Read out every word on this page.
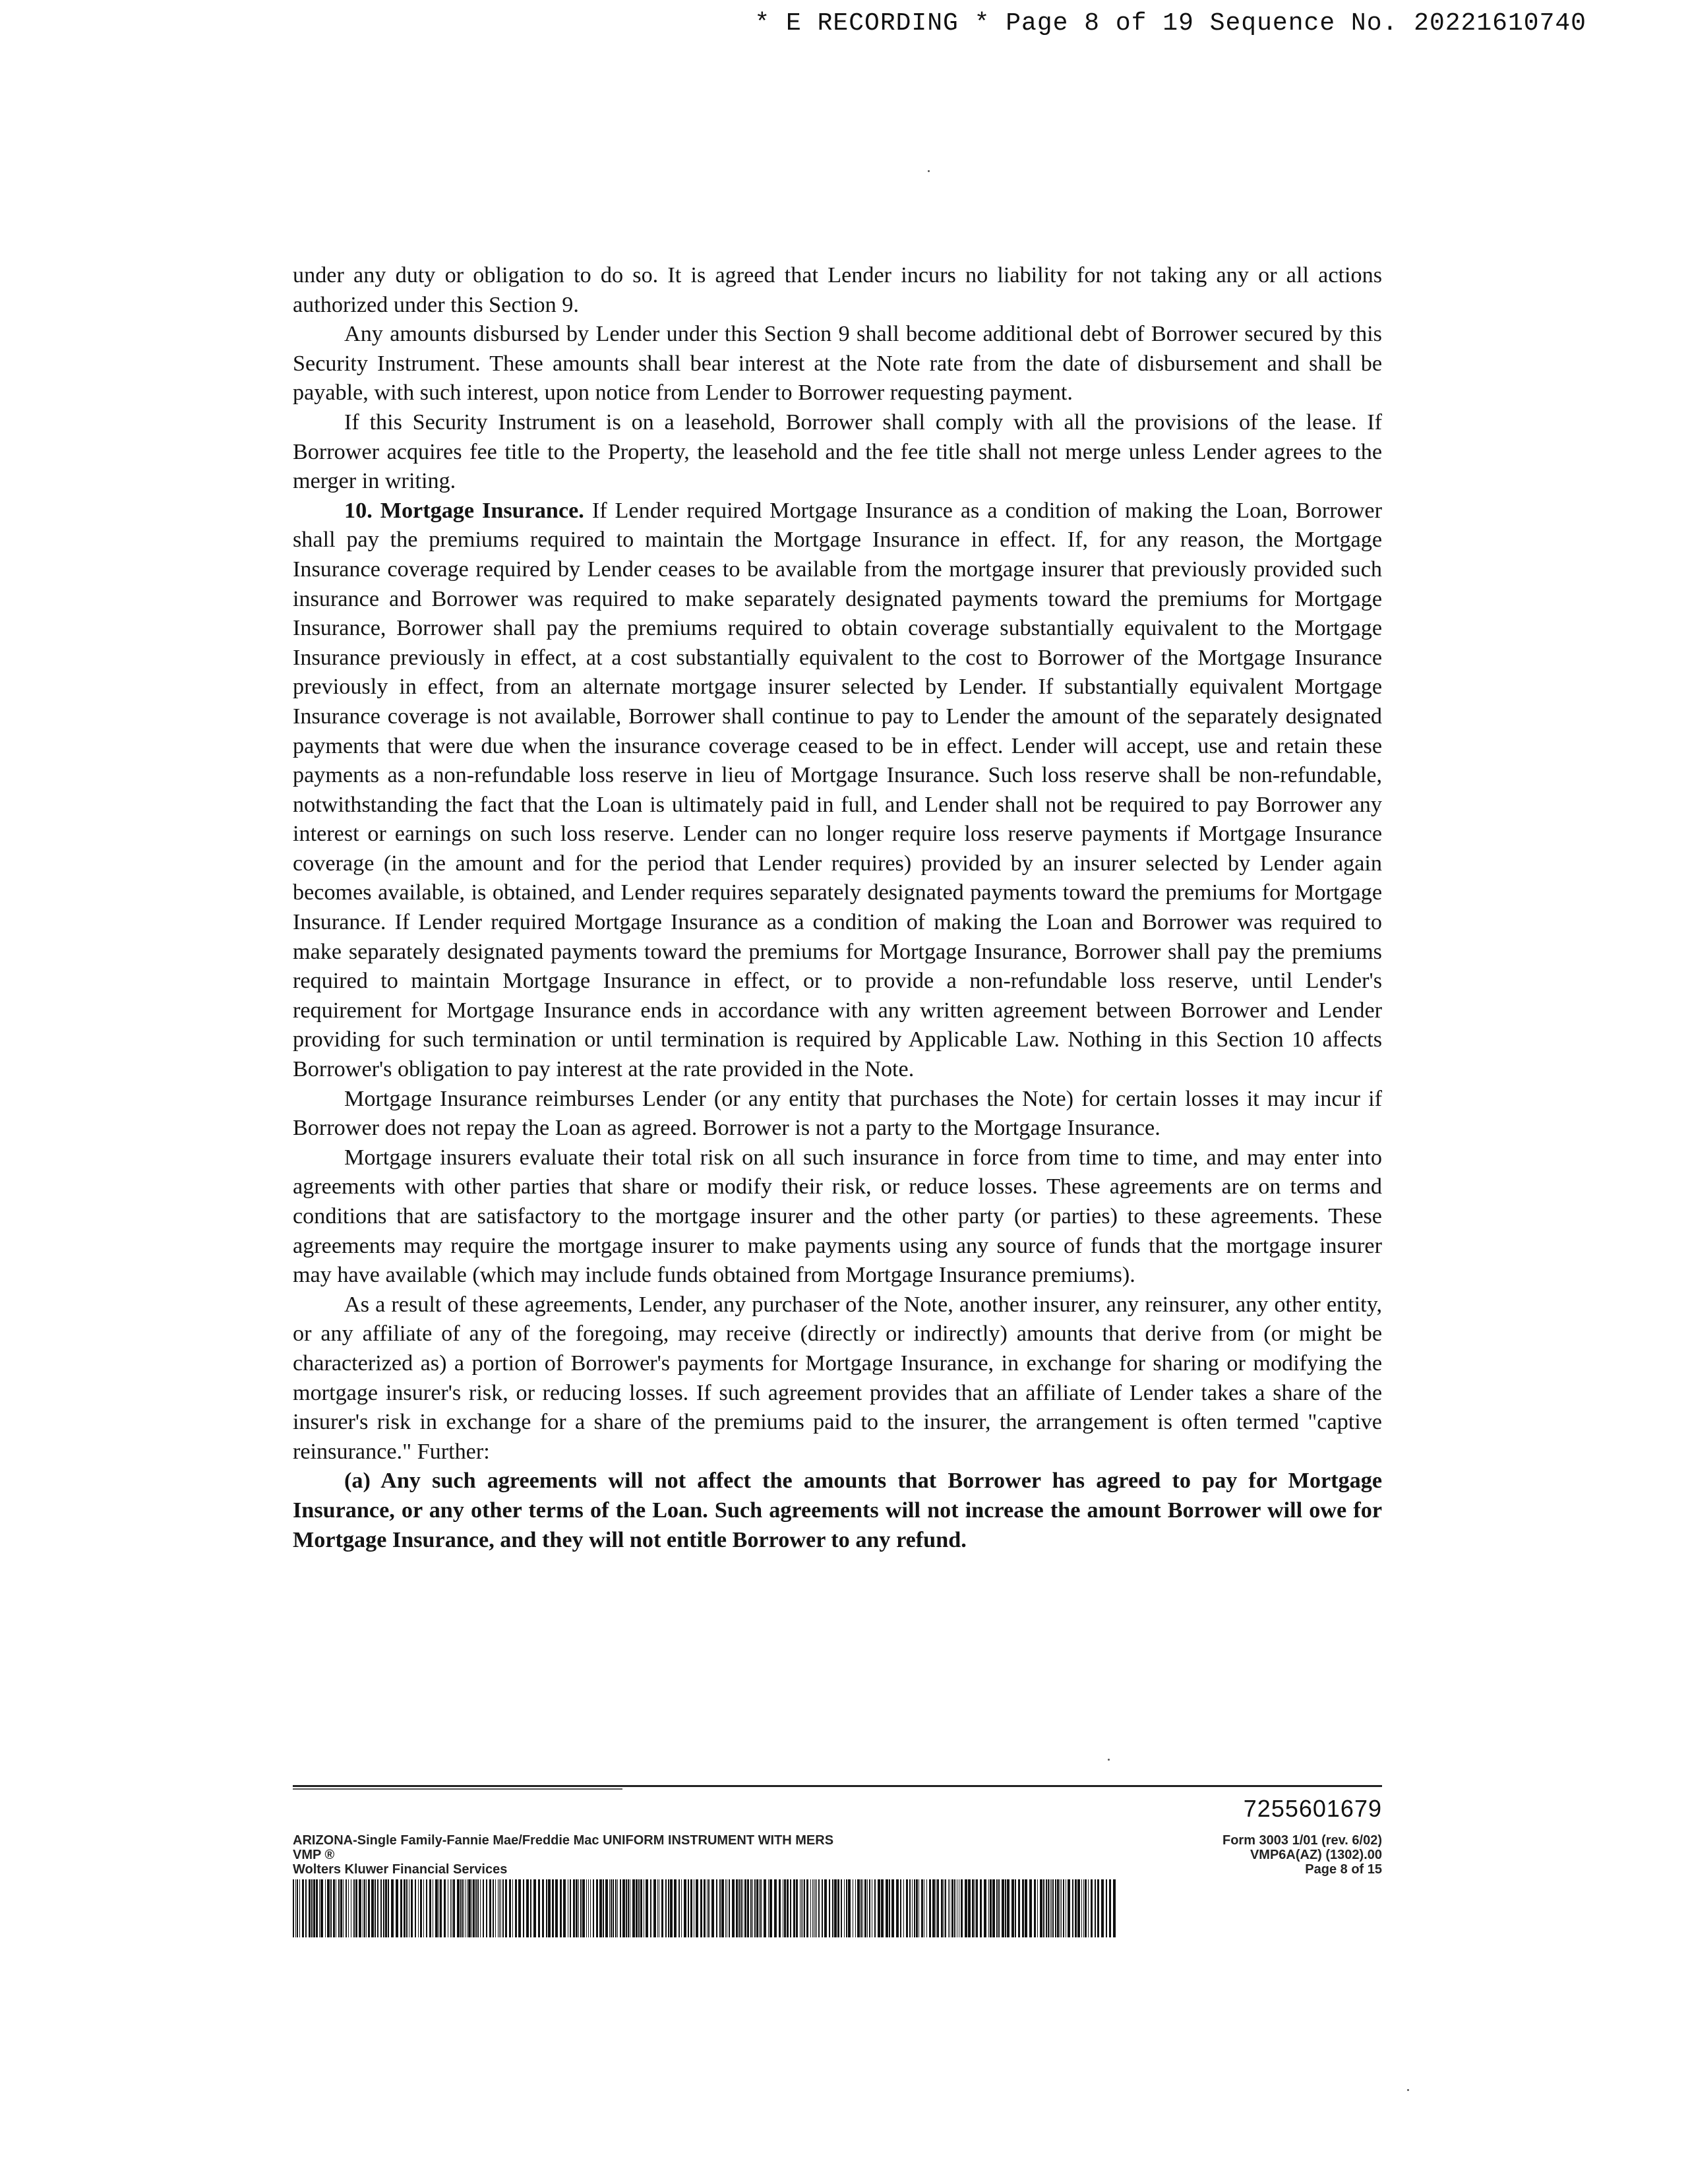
* E RECORDING * Page 8 of 19 Sequence No. 20221610740

under any duty or obligation to do so. It is agreed that Lender incurs no liability for not taking any or all actions authorized under this Section 9.

Any amounts disbursed by Lender under this Section 9 shall become additional debt of Borrower secured by this Security Instrument. These amounts shall bear interest at the Note rate from the date of disbursement and shall be payable, with such interest, upon notice from Lender to Borrower requesting payment.

If this Security Instrument is on a leasehold, Borrower shall comply with all the provisions of the lease. If Borrower acquires fee title to the Property, the leasehold and the fee title shall not merge unless Lender agrees to the merger in writing.

10. Mortgage Insurance. If Lender required Mortgage Insurance as a condition of making the Loan, Borrower shall pay the premiums required to maintain the Mortgage Insurance in effect. If, for any reason, the Mortgage Insurance coverage required by Lender ceases to be available from the mortgage insurer that previously provided such insurance and Borrower was required to make separately designated payments toward the premiums for Mortgage Insurance, Borrower shall pay the premiums required to obtain coverage substantially equivalent to the Mortgage Insurance previously in effect, at a cost substantially equivalent to the cost to Borrower of the Mortgage Insurance previously in effect, from an alternate mortgage insurer selected by Lender. If substantially equivalent Mortgage Insurance coverage is not available, Borrower shall continue to pay to Lender the amount of the separately designated payments that were due when the insurance coverage ceased to be in effect. Lender will accept, use and retain these payments as a non-refundable loss reserve in lieu of Mortgage Insurance. Such loss reserve shall be non-refundable, notwithstanding the fact that the Loan is ultimately paid in full, and Lender shall not be required to pay Borrower any interest or earnings on such loss reserve. Lender can no longer require loss reserve payments if Mortgage Insurance coverage (in the amount and for the period that Lender requires) provided by an insurer selected by Lender again becomes available, is obtained, and Lender requires separately designated payments toward the premiums for Mortgage Insurance. If Lender required Mortgage Insurance as a condition of making the Loan and Borrower was required to make separately designated payments toward the premiums for Mortgage Insurance, Borrower shall pay the premiums required to maintain Mortgage Insurance in effect, or to provide a non-refundable loss reserve, until Lender's requirement for Mortgage Insurance ends in accordance with any written agreement between Borrower and Lender providing for such termination or until termination is required by Applicable Law. Nothing in this Section 10 affects Borrower's obligation to pay interest at the rate provided in the Note.

Mortgage Insurance reimburses Lender (or any entity that purchases the Note) for certain losses it may incur if Borrower does not repay the Loan as agreed. Borrower is not a party to the Mortgage Insurance.

Mortgage insurers evaluate their total risk on all such insurance in force from time to time, and may enter into agreements with other parties that share or modify their risk, or reduce losses. These agreements are on terms and conditions that are satisfactory to the mortgage insurer and the other party (or parties) to these agreements. These agreements may require the mortgage insurer to make payments using any source of funds that the mortgage insurer may have available (which may include funds obtained from Mortgage Insurance premiums).

As a result of these agreements, Lender, any purchaser of the Note, another insurer, any reinsurer, any other entity, or any affiliate of any of the foregoing, may receive (directly or indirectly) amounts that derive from (or might be characterized as) a portion of Borrower's payments for Mortgage Insurance, in exchange for sharing or modifying the mortgage insurer's risk, or reducing losses. If such agreement provides that an affiliate of Lender takes a share of the insurer's risk in exchange for a share of the premiums paid to the insurer, the arrangement is often termed "captive reinsurance." Further:

(a) Any such agreements will not affect the amounts that Borrower has agreed to pay for Mortgage Insurance, or any other terms of the Loan. Such agreements will not increase the amount Borrower will owe for Mortgage Insurance, and they will not entitle Borrower to any refund.

7255601679
ARIZONA-Single Family-Fannie Mae/Freddie Mac UNIFORM INSTRUMENT WITH MERS
VMP ®
Wolters Kluwer Financial Services
Form 3003 1/01 (rev. 6/02)
VMP6A(AZ) (1302).00
Page 8 of 15
